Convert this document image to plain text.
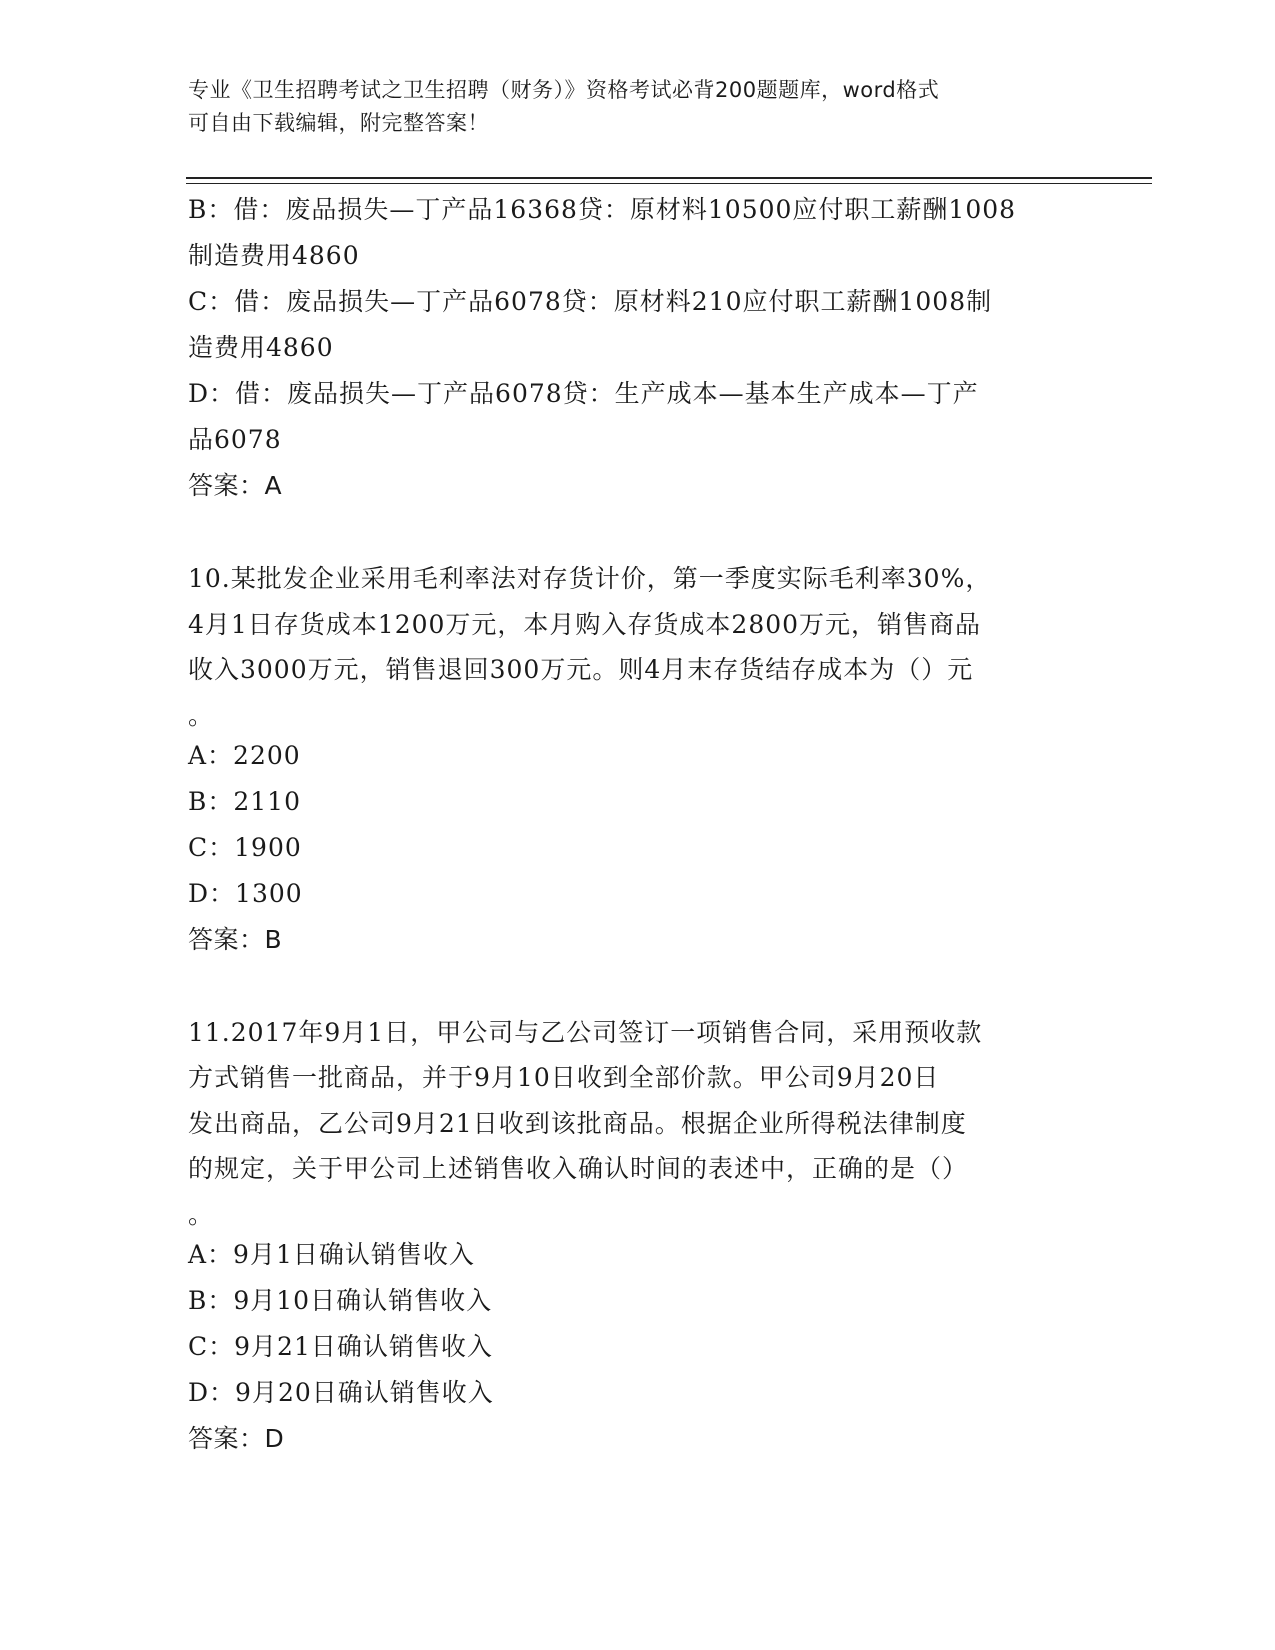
专业《卫生招聘考试之卫生招聘（财务）》资格考试必背200题题库，word格式
可自由下载编辑，附完整答案！
B：借：废品损失—丁产品16368贷：原材料10500应付职工薪酬1008
制造费用4860
C：借：废品损失—丁产品6078贷：原材料210应付职工薪酬1008制
造费用4860
D：借：废品损失—丁产品6078贷：生产成本—基本生产成本—丁产
品6078
答案：A
10.某批发企业采用毛利率法对存货计价，第一季度实际毛利率30%，
4月1日存货成本1200万元，本月购入存货成本2800万元，销售商品
收入3000万元，销售退回300万元。则4月末存货结存成本为（）元
。
A：2200
B：2110
C：1900
D：1300
答案：B
11.2017年9月1日，甲公司与乙公司签订一项销售合同，采用预收款
方式销售一批商品，并于9月10日收到全部价款。甲公司9月20日
发出商品，乙公司9月21日收到该批商品。根据企业所得税法律制度
的规定，关于甲公司上述销售收入确认时间的表述中，正确的是（）
。
A：9月1日确认销售收入
B：9月10日确认销售收入
C：9月21日确认销售收入
D：9月20日确认销售收入
答案：D
